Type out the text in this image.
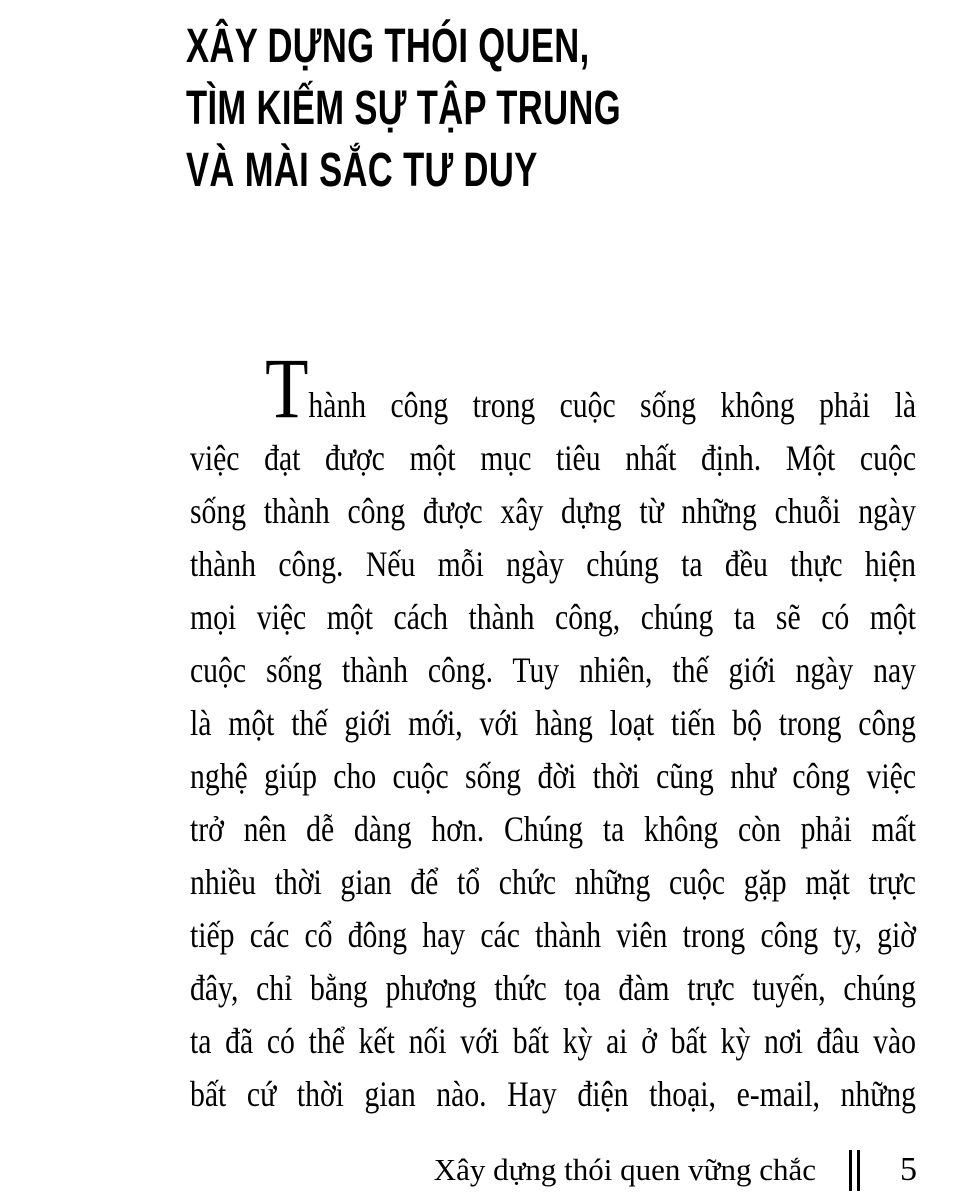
XÂY DỰNG THÓI QUEN,
TÌM KIẾM SỰ TẬP TRUNG
VÀ MÀI SẮC TƯ DUY
Thành công trong cuộc sống không phải là
việc đạt được một mục tiêu nhất định. Một cuộc
sống thành công được xây dựng từ những chuỗi ngày
thành công. Nếu mỗi ngày chúng ta đều thực hiện
mọi việc một cách thành công, chúng ta sẽ có một
cuộc sống thành công. Tuy nhiên, thế giới ngày nay
là một thế giới mới, với hàng loạt tiến bộ trong công
nghệ giúp cho cuộc sống đời thời cũng như công việc
trở nên dễ dàng hơn. Chúng ta không còn phải mất
nhiều thời gian để tổ chức những cuộc gặp mặt trực
tiếp các cổ đông hay các thành viên trong công ty, giờ
đây, chỉ bằng phương thức tọa đàm trực tuyến, chúng
ta đã có thể kết nối với bất kỳ ai ở bất kỳ nơi đâu vào
bất cứ thời gian nào. Hay điện thoại, e-mail, những
Xây dựng thói quen vững chắc 5
